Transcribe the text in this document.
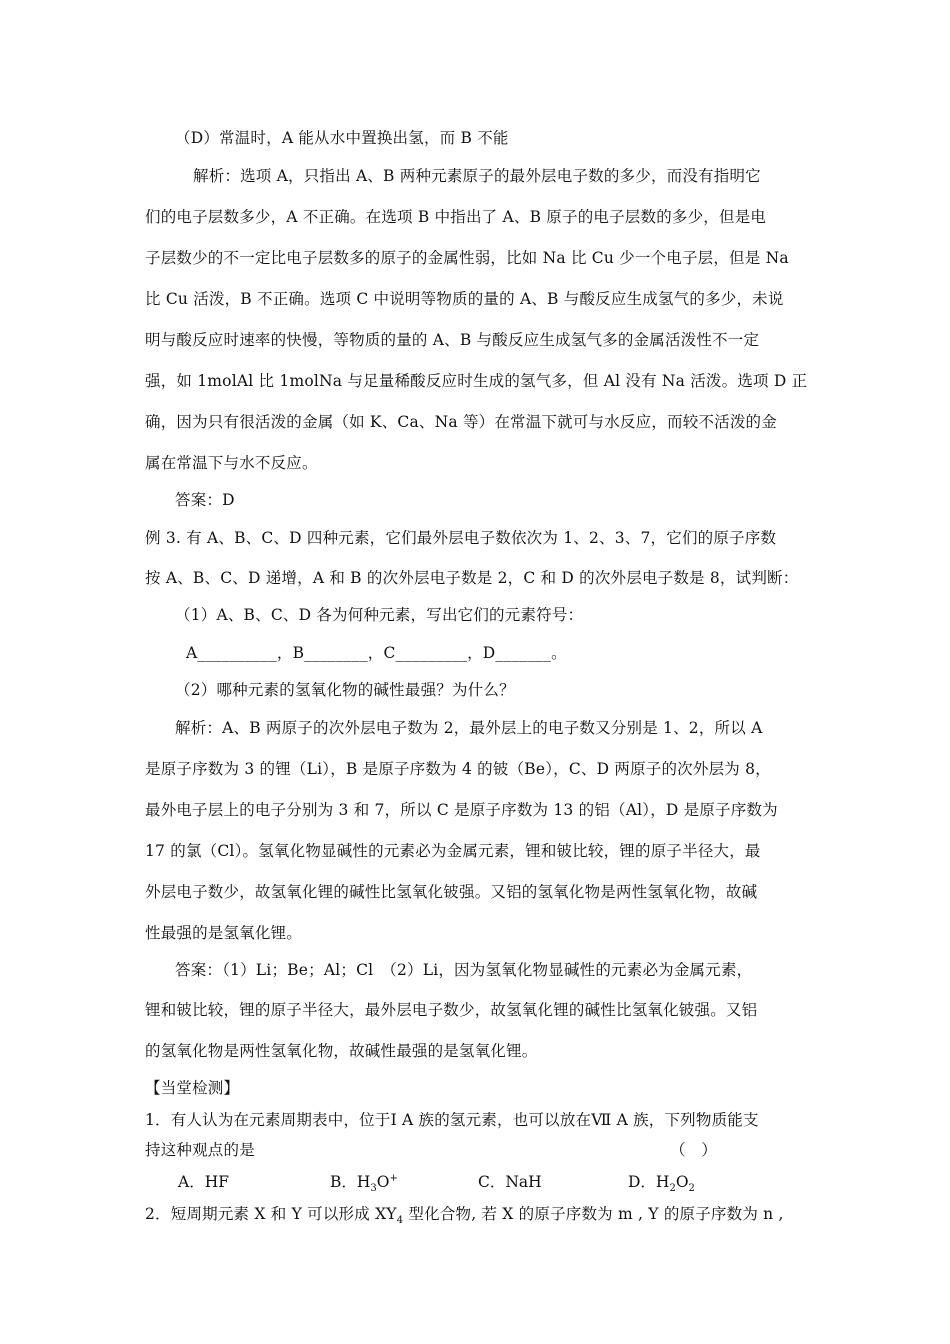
（D）常温时，A 能从水中置换出氢，而 B 不能
解析：选项 A，只指出 A、B 两种元素原子的最外层电子数的多少，而没有指明它
们的电子层数多少，A 不正确。在选项 B 中指出了 A、B 原子的电子层数的多少，但是电
子层数少的不一定比电子层数多的原子的金属性弱，比如 Na 比 Cu 少一个电子层，但是 Na
比 Cu 活泼，B 不正确。选项 C 中说明等物质的量的 A、B 与酸反应生成氢气的多少，未说
明与酸反应时速率的快慢，等物质的量的 A、B 与酸反应生成氢气多的金属活泼性不一定
强，如 1molAl 比 1molNa 与足量稀酸反应时生成的氢气多，但 Al 没有 Na 活泼。选项 D 正
确，因为只有很活泼的金属（如 K、Ca、Na 等）在常温下就可与水反应，而较不活泼的金
属在常温下与水不反应。
答案：D
例 3. 有 A、B、C、D 四种元素，它们最外层电子数依次为 1、2、3、7，它们的原子序数
按 A、B、C、D 递增，A 和 B 的次外层电子数是 2，C 和 D 的次外层电子数是 8，试判断：
（1）A、B、C、D 各为何种元素，写出它们的元素符号：
A__________，B________，C_________，D_______。
（2）哪种元素的氢氧化物的碱性最强？为什么？
解析：A、B 两原子的次外层电子数为 2，最外层上的电子数又分别是 1、2，所以 A
是原子序数为 3 的锂（Li），B 是原子序数为 4 的铍（Be），C、D 两原子的次外层为 8，
最外电子层上的电子分别为 3 和 7，所以 C 是原子序数为 13 的铝（Al），D 是原子序数为
17 的氯（Cl）。氢氧化物显碱性的元素必为金属元素，锂和铍比较，锂的原子半径大，最
外层电子数少，故氢氧化锂的碱性比氢氧化铍强。又铝的氢氧化物是两性氢氧化物，故碱
性最强的是氢氧化锂。
答案：（1）Li；Be；Al；Cl　（2）Li，因为氢氧化物显碱性的元素必为金属元素，
锂和铍比较，锂的原子半径大，最外层电子数少，故氢氧化锂的碱性比氢氧化铍强。又铝
的氢氧化物是两性氢氧化物，故碱性最强的是氢氧化锂。
【当堂检测】
1．有人认为在元素周期表中，位于Ⅰ A 族的氢元素，也可以放在Ⅶ A 族，下列物质能支
持这种观点的是	（　）
A．HF	B．$H_3O^+$	C．NaH	D．$H_2O_2$
2．短周期元素 X 和 Y 可以形成 $XY_4$ 型化合物, 若 X 的原子序数为 m , Y 的原子序数为 n ,
